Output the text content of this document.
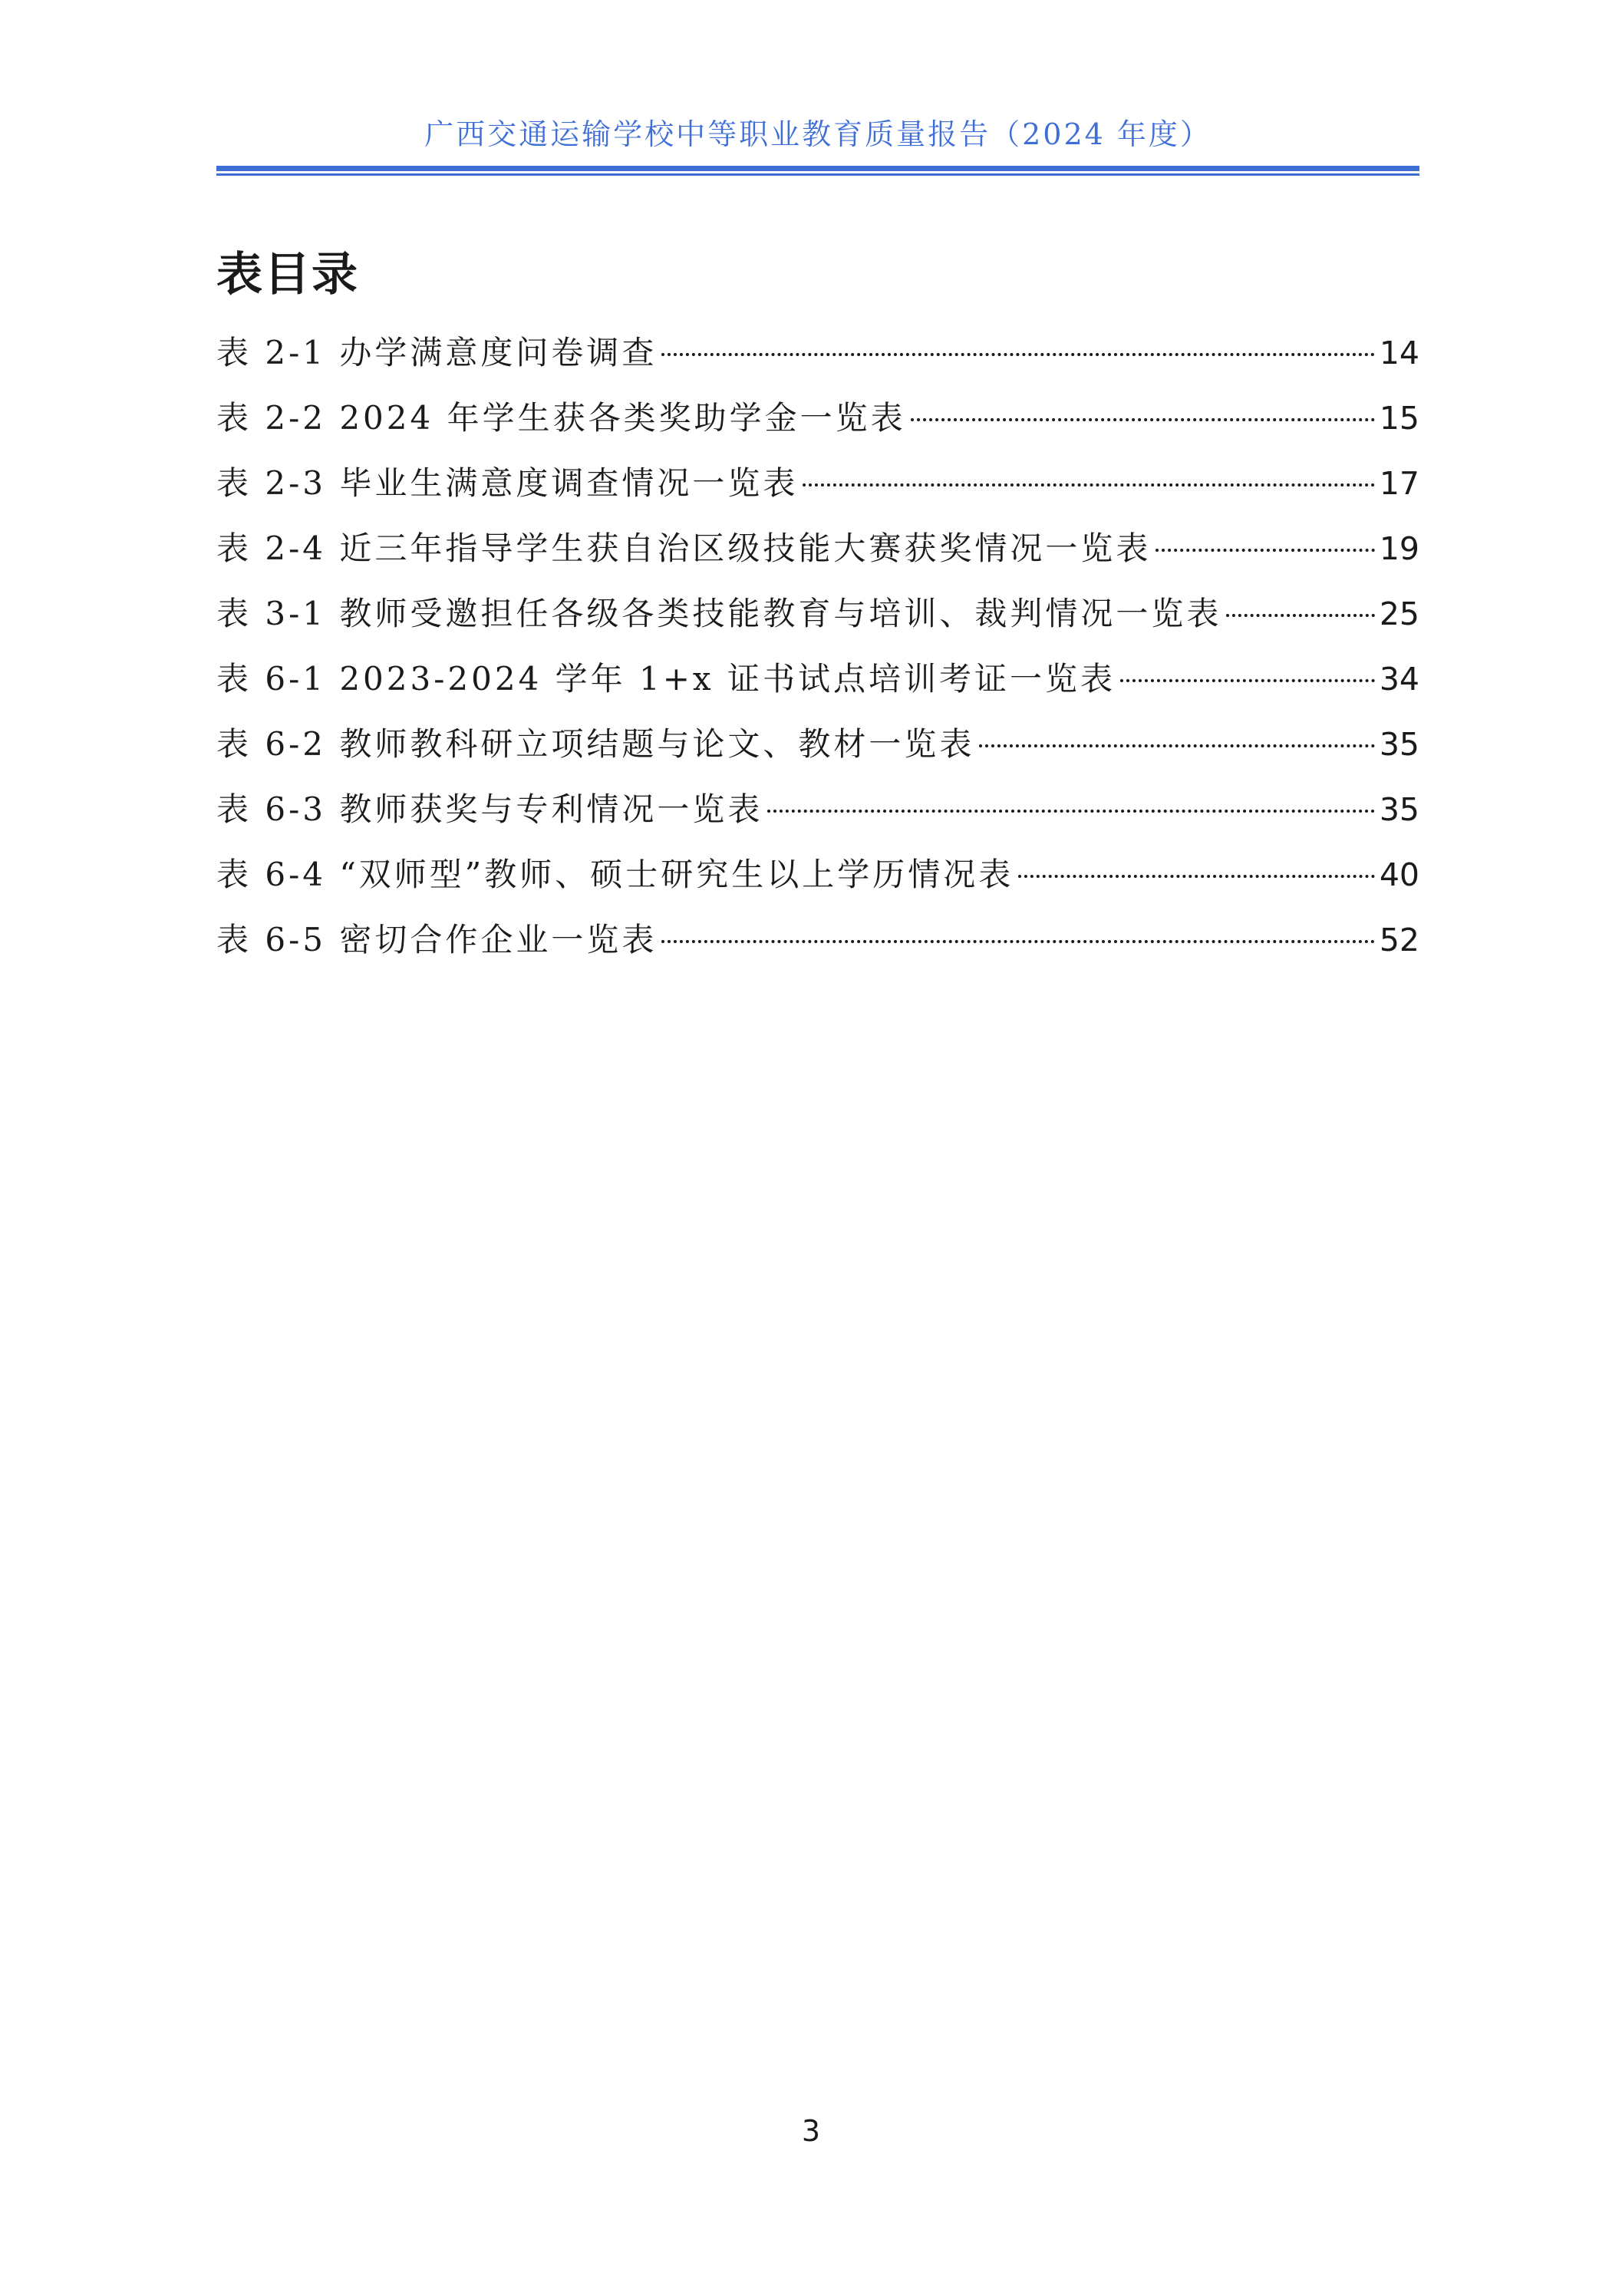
广西交通运输学校中等职业教育质量报告（2024 年度）
表目录
表 2-1 办学满意度问卷调查	14
表 2-2 2024 年学生获各类奖助学金一览表	15
表 2-3 毕业生满意度调查情况一览表	17
表 2-4 近三年指导学生获自治区级技能大赛获奖情况一览表	19
表 3-1 教师受邀担任各级各类技能教育与培训、裁判情况一览表	25
表 6-1 2023-2024 学年 1+x 证书试点培训考证一览表	34
表 6-2 教师教科研立项结题与论文、教材一览表	35
表 6-3 教师获奖与专利情况一览表	35
表 6-4 “双师型”教师、硕士研究生以上学历情况表	40
表 6-5 密切合作企业一览表	52
3
